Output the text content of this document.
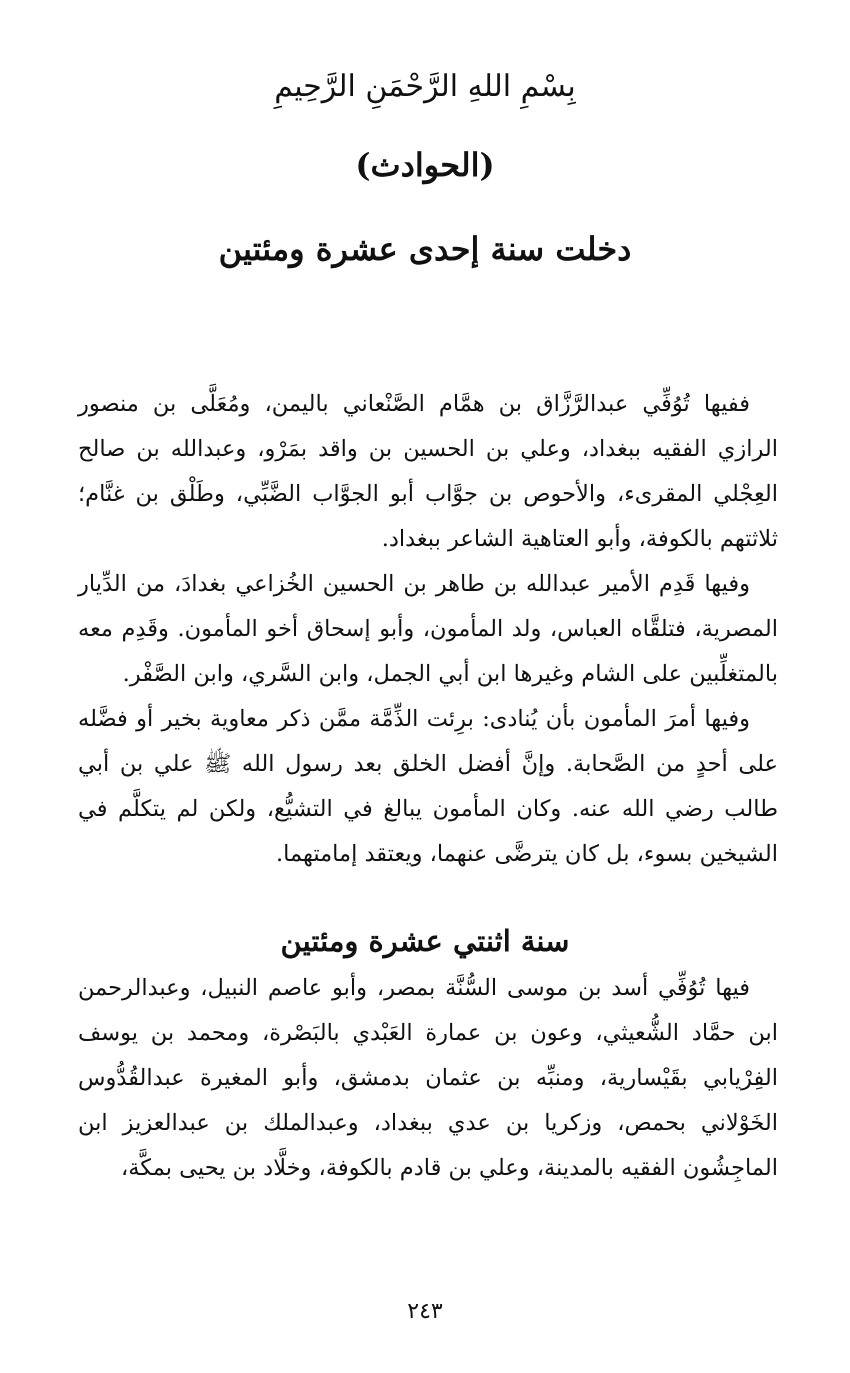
بِسْمِ اللهِ الرَّحْمَنِ الرَّحِيمِ
(الحوادث)
دخلت سنة إحدى عشرة ومئتين

ففيها تُوُفِّي عبدالرَّزَّاق بن همَّام الصَّنْعاني باليمن، ومُعَلَّى بن منصور الرازي الفقيه ببغداد، وعلي بن الحسين بن واقد بمَرْو، وعبدالله بن صالح العِجْلي المقرىء، والأحوص بن جوَّاب أبو الجوَّاب الضَّبِّي، وطَلْق بن غنَّام؛ ثلاثتهم بالكوفة، وأبو العتاهية الشاعر ببغداد.

وفيها قَدِم الأمير عبدالله بن طاهر بن الحسين الخُزاعي بغدادَ، من الدِّيار المصرية، فتلقَّاه العباس، ولد المأمون، وأبو إسحاق أخو المأمون. وقَدِم معه بالمتغلِّبين على الشام وغيرها ابن أبي الجمل، وابن السَّري، وابن الصَّفْر.

وفيها أمرَ المأمون بأن يُنادى: برِئت الذِّمَّة ممَّن ذكر معاوية بخير أو فضَّله على أحدٍ من الصَّحابة. وإنَّ أفضل الخلق بعد رسول الله ﷺ علي بن أبي طالب رضي الله عنه. وكان المأمون يبالغ في التشيُّع، ولكن لم يتكلَّم في الشيخين بسوء، بل كان يترضَّى عنهما، ويعتقد إمامتهما.

سنة اثنتي عشرة ومئتين

فيها تُوُفِّي أسد بن موسى السُّنَّة بمصر، وأبو عاصم النبيل، وعبدالرحمن ابن حمَّاد الشُّعيثي، وعون بن عمارة العَبْدي بالبَصْرة، ومحمد بن يوسف الفِرْيابي بقَيْسارية، ومنبِّه بن عثمان بدمشق، وأبو المغيرة عبدالقُدُّوس الخَوْلاني بحمص، وزكريا بن عدي ببغداد، وعبدالملك بن عبدالعزيز ابن الماجِشُون الفقيه بالمدينة، وعلي بن قادم بالكوفة، وخلَّاد بن يحيى بمكَّة،

٢٤٣
